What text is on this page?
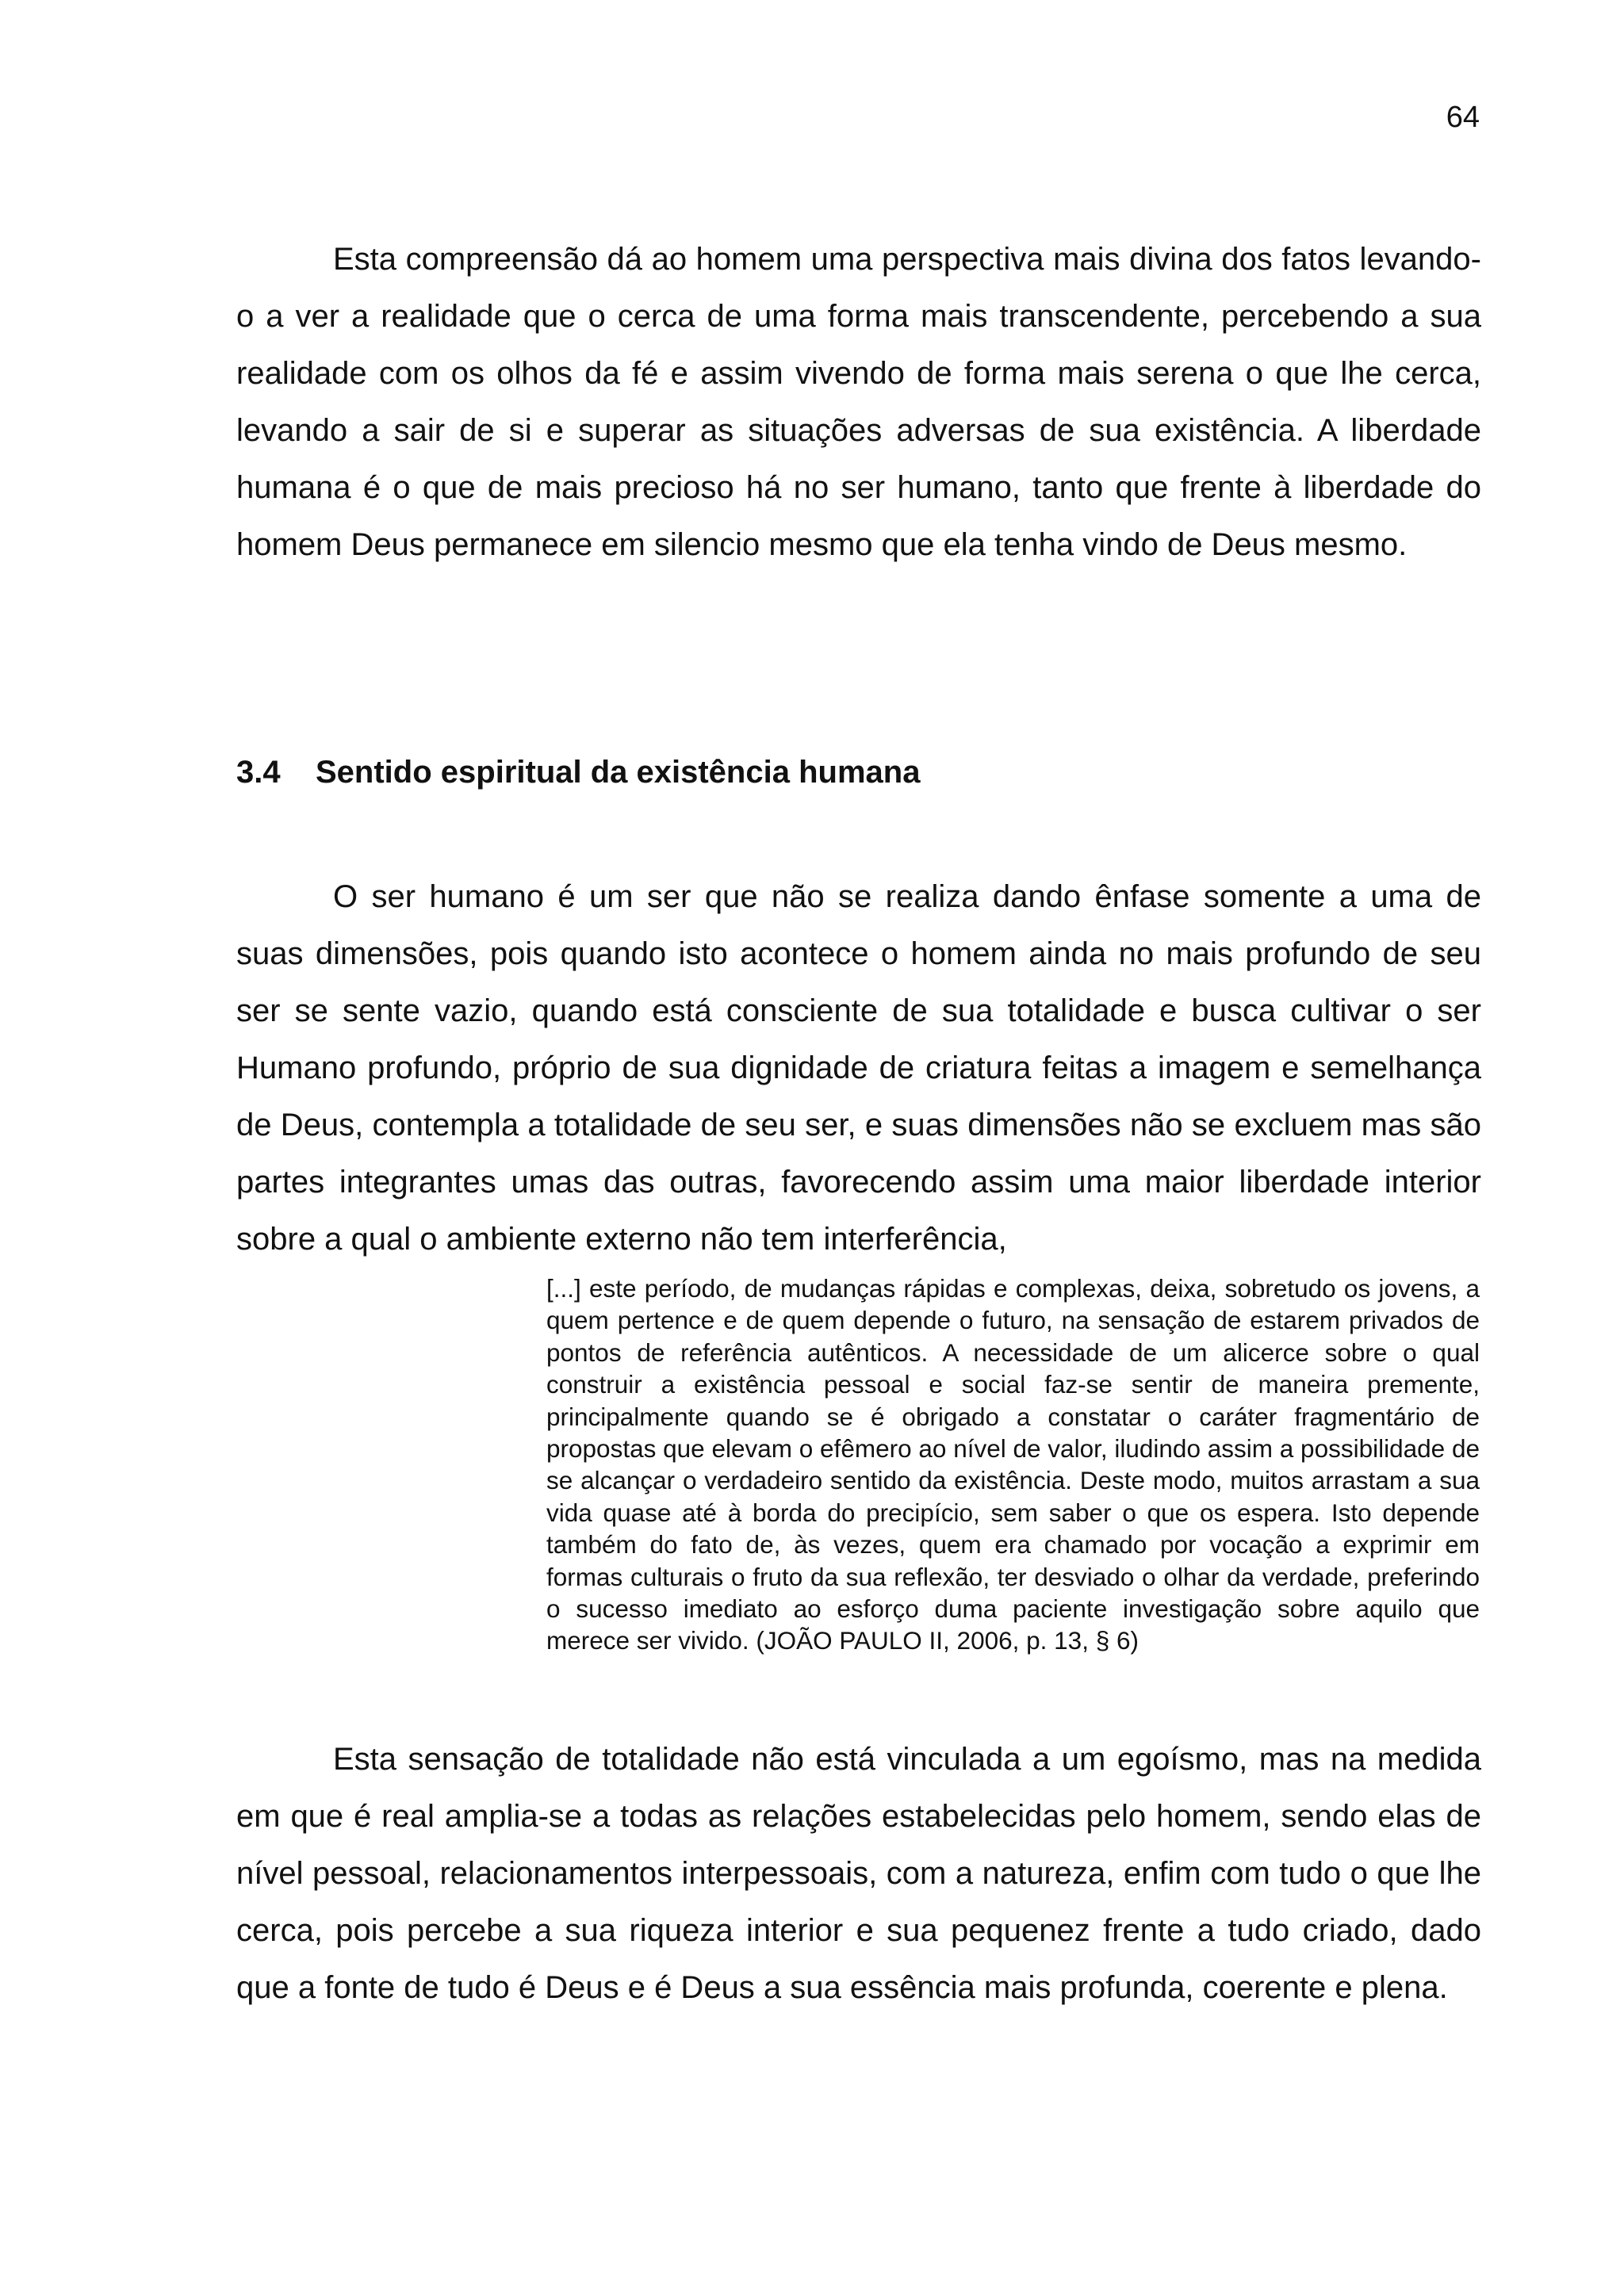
64

Esta compreensão dá ao homem uma perspectiva mais divina dos fatos levando-o a ver a realidade que o cerca de uma forma mais transcendente, percebendo a sua realidade com os olhos da fé e assim vivendo de forma mais serena o que lhe cerca, levando a sair de si e superar as situações adversas de sua existência. A liberdade humana é o que de mais precioso há no ser humano, tanto que frente à liberdade do homem Deus permanece em silencio mesmo que ela tenha vindo de Deus mesmo.

3.4 Sentido espiritual da existência humana

O ser humano é um ser que não se realiza dando ênfase somente a uma de suas dimensões, pois quando isto acontece o homem ainda no mais profundo de seu ser se sente vazio, quando está consciente de sua totalidade e busca cultivar o ser Humano profundo, próprio de sua dignidade de criatura feitas a imagem e semelhança de Deus, contempla a totalidade de seu ser, e suas dimensões não se excluem mas são partes integrantes umas das outras, favorecendo assim uma maior liberdade interior sobre a qual o ambiente externo não tem interferência,

[...] este período, de mudanças rápidas e complexas, deixa, sobretudo os jovens, a quem pertence e de quem depende o futuro, na sensação de estarem privados de pontos de referência autênticos. A necessidade de um alicerce sobre o qual construir a existência pessoal e social faz-se sentir de maneira premente, principalmente quando se é obrigado a constatar o caráter fragmentário de propostas que elevam o efêmero ao nível de valor, iludindo assim a possibilidade de se alcançar o verdadeiro sentido da existência. Deste modo, muitos arrastam a sua vida quase até à borda do precipício, sem saber o que os espera. Isto depende também do fato de, às vezes, quem era chamado por vocação a exprimir em formas culturais o fruto da sua reflexão, ter desviado o olhar da verdade, preferindo o sucesso imediato ao esforço duma paciente investigação sobre aquilo que merece ser vivido. (JOÃO PAULO II, 2006, p. 13, § 6)

Esta sensação de totalidade não está vinculada a um egoísmo, mas na medida em que é real amplia-se a todas as relações estabelecidas pelo homem, sendo elas de nível pessoal, relacionamentos interpessoais, com a natureza, enfim com tudo o que lhe cerca, pois percebe a sua riqueza interior e sua pequenez frente a tudo criado, dado que a fonte de tudo é Deus e é Deus a sua essência mais profunda, coerente e plena.
